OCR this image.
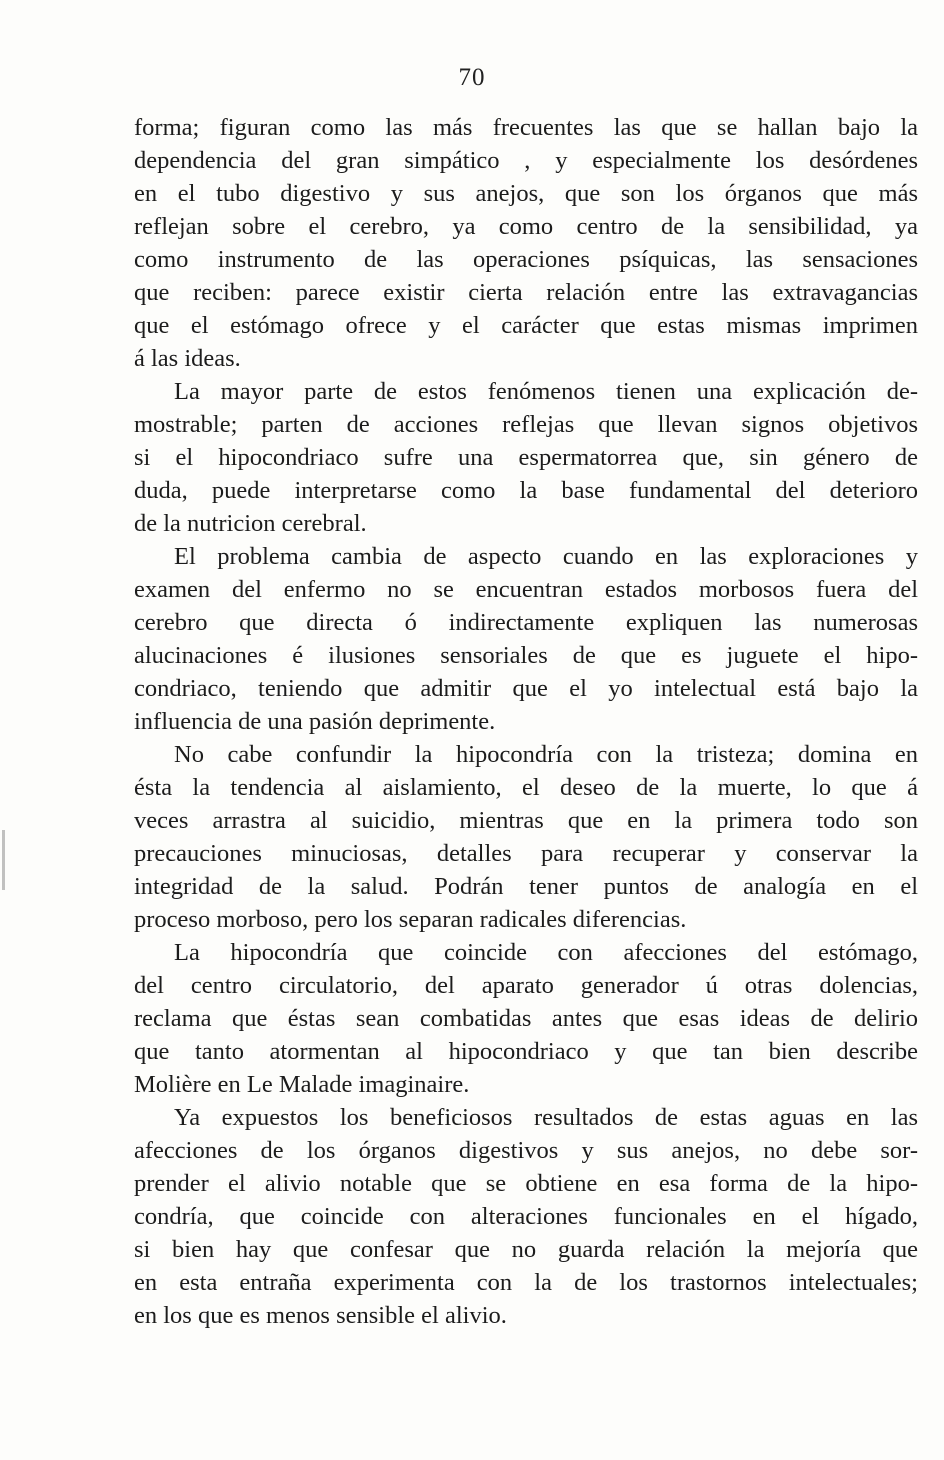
70
forma; figuran como las más frecuentes las que se hallan bajo la
dependencia del gran simpático , y especialmente los desórdenes
en el tubo digestivo y sus anejos, que son los órganos que más
reflejan sobre el cerebro, ya como centro de la sensibilidad, ya
como instrumento de las operaciones psíquicas, las sensaciones
que reciben: parece existir cierta relación entre las extravagancias
que el estómago ofrece y el carácter que estas mismas imprimen
á las ideas.
La mayor parte de estos fenómenos tienen una explicación de-
mostrable; parten de acciones reflejas que llevan signos objetivos
si el hipocondriaco sufre una espermatorrea que, sin género de
duda, puede interpretarse como la base fundamental del deterioro
de la nutricion cerebral.
El problema cambia de aspecto cuando en las exploraciones y
examen del enfermo no se encuentran estados morbosos fuera del
cerebro que directa ó indirectamente expliquen las numerosas
alucinaciones é ilusiones sensoriales de que es juguete el hipo-
condriaco, teniendo que admitir que el yo intelectual está bajo la
influencia de una pasión deprimente.
No cabe confundir la hipocondría con la tristeza; domina en
ésta la tendencia al aislamiento, el deseo de la muerte, lo que á
veces arrastra al suicidio, mientras que en la primera todo son
precauciones minuciosas, detalles para recuperar y conservar la
integridad de la salud. Podrán tener puntos de analogía en el
proceso morboso, pero los separan radicales diferencias.
La hipocondría que coincide con afecciones del estómago,
del centro circulatorio, del aparato generador ú otras dolencias,
reclama que éstas sean combatidas antes que esas ideas de delirio
que tanto atormentan al hipocondriaco y que tan bien describe
Molière en Le Malade imaginaire.
Ya expuestos los beneficiosos resultados de estas aguas en las
afecciones de los órganos digestivos y sus anejos, no debe sor-
prender el alivio notable que se obtiene en esa forma de la hipo-
condría, que coincide con alteraciones funcionales en el hígado,
si bien hay que confesar que no guarda relación la mejoría que
en esta entraña experimenta con la de los trastornos intelectuales;
en los que es menos sensible el alivio.
